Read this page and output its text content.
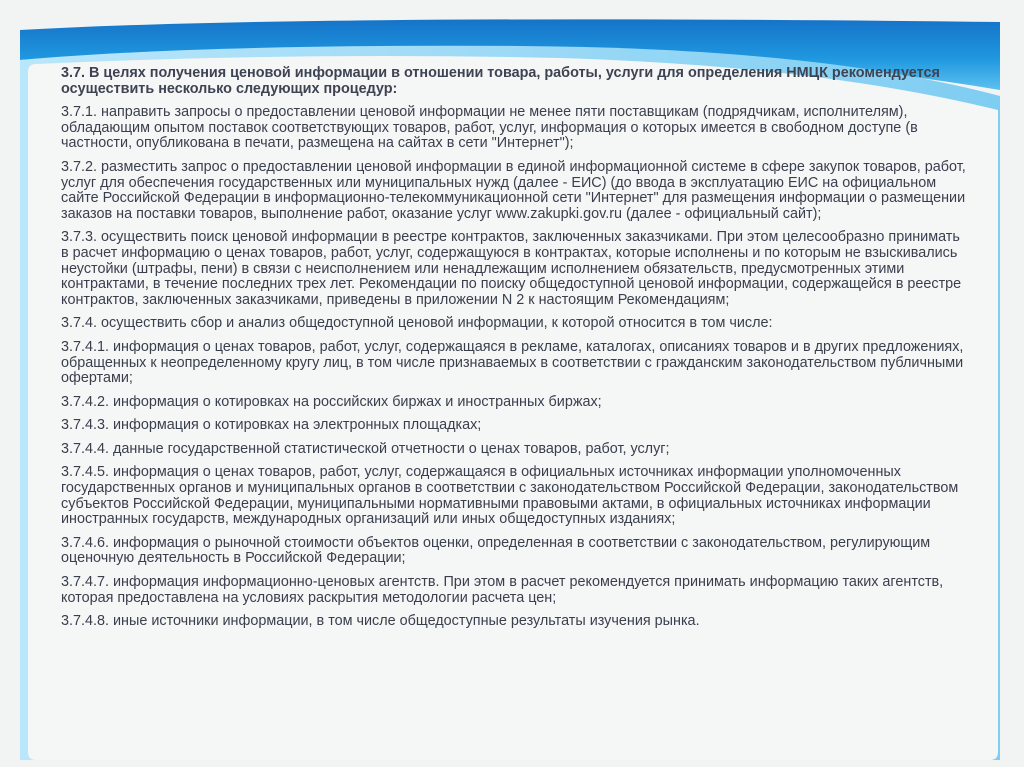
3.7. В целях получения ценовой информации в отношении товара, работы, услуги для определения НМЦК рекомендуется осуществить несколько следующих процедур:

3.7.1. направить запросы о предоставлении ценовой информации не менее пяти поставщикам (подрядчикам, исполнителям), обладающим опытом поставок соответствующих товаров, работ, услуг, информация о которых имеется в свободном доступе (в частности, опубликована в печати, размещена на сайтах в сети "Интернет");

3.7.2. разместить запрос о предоставлении ценовой информации в единой информационной системе в сфере закупок товаров, работ, услуг для обеспечения государственных или муниципальных нужд (далее - ЕИС) (до ввода в эксплуатацию ЕИС на официальном сайте Российской Федерации в информационно-телекоммуникационной сети "Интернет" для размещения информации о размещении заказов на поставки товаров, выполнение работ, оказание услуг www.zakupki.gov.ru (далее - официальный сайт);

3.7.3. осуществить поиск ценовой информации в реестре контрактов, заключенных заказчиками. При этом целесообразно принимать в расчет информацию о ценах товаров, работ, услуг, содержащуюся в контрактах, которые исполнены и по которым не взыскивались неустойки (штрафы, пени) в связи с неисполнением или ненадлежащим исполнением обязательств, предусмотренных этими контрактами, в течение последних трех лет. Рекомендации по поиску общедоступной ценовой информации, содержащейся в реестре контрактов, заключенных заказчиками, приведены в приложении N 2 к настоящим Рекомендациям;

3.7.4. осуществить сбор и анализ общедоступной ценовой информации, к которой относится в том числе:

3.7.4.1. информация о ценах товаров, работ, услуг, содержащаяся в рекламе, каталогах, описаниях товаров и в других предложениях, обращенных к неопределенному кругу лиц, в том числе признаваемых в соответствии с гражданским законодательством публичными офертами;

3.7.4.2. информация о котировках на российских биржах и иностранных биржах;

3.7.4.3. информация о котировках на электронных площадках;

3.7.4.4. данные государственной статистической отчетности о ценах товаров, работ, услуг;

3.7.4.5. информация о ценах товаров, работ, услуг, содержащаяся в официальных источниках информации уполномоченных государственных органов и муниципальных органов в соответствии с законодательством Российской Федерации, законодательством субъектов Российской Федерации, муниципальными нормативными правовыми актами, в официальных источниках информации иностранных государств, международных организаций или иных общедоступных изданиях;

3.7.4.6. информация о рыночной стоимости объектов оценки, определенная в соответствии с законодательством, регулирующим оценочную деятельность в Российской Федерации;

3.7.4.7. информация информационно-ценовых агентств. При этом в расчет рекомендуется принимать информацию таких агентств, которая предоставлена на условиях раскрытия методологии расчета цен;

3.7.4.8. иные источники информации, в том числе общедоступные результаты изучения рынка.
